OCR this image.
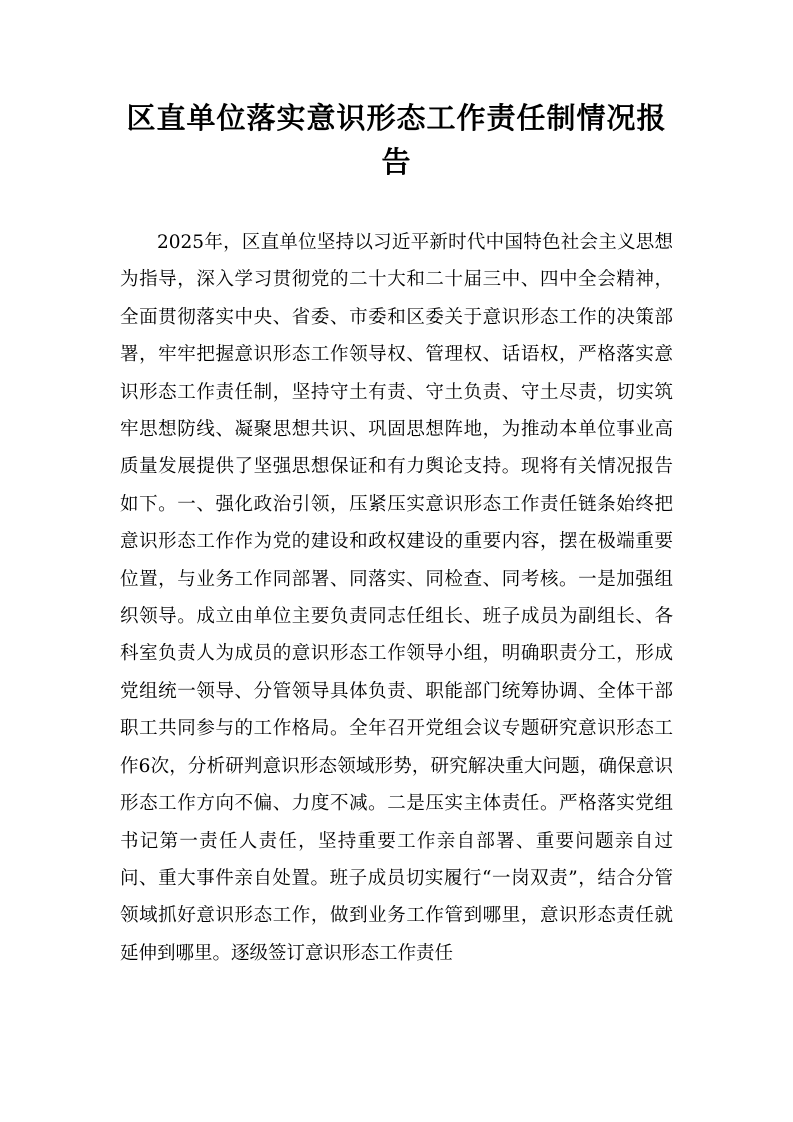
区直单位落实意识形态工作责任制情况报告

2025年，区直单位坚持以习近平新时代中国特色社会主义思想为指导，深入学习贯彻党的二十大和二十届三中、四中全会精神，全面贯彻落实中央、省委、市委和区委关于意识形态工作的决策部署，牢牢把握意识形态工作领导权、管理权、话语权，严格落实意识形态工作责任制，坚持守土有责、守土负责、守土尽责，切实筑牢思想防线、凝聚思想共识、巩固思想阵地，为推动本单位事业高质量发展提供了坚强思想保证和有力舆论支持。现将有关情况报告如下。一、强化政治引领，压紧压实意识形态工作责任链条始终把意识形态工作作为党的建设和政权建设的重要内容，摆在极端重要位置，与业务工作同部署、同落实、同检查、同考核。一是加强组织领导。成立由单位主要负责同志任组长、班子成员为副组长、各科室负责人为成员的意识形态工作领导小组，明确职责分工，形成党组统一领导、分管领导具体负责、职能部门统筹协调、全体干部职工共同参与的工作格局。全年召开党组会议专题研究意识形态工作6次，分析研判意识形态领域形势，研究解决重大问题，确保意识形态工作方向不偏、力度不减。二是压实主体责任。严格落实党组书记第一责任人责任，坚持重要工作亲自部署、重要问题亲自过问、重大事件亲自处置。班子成员切实履行“一岗双责”，结合分管领域抓好意识形态工作，做到业务工作管到哪里，意识形态责任就延伸到哪里。逐级签订意识形态工作责任
